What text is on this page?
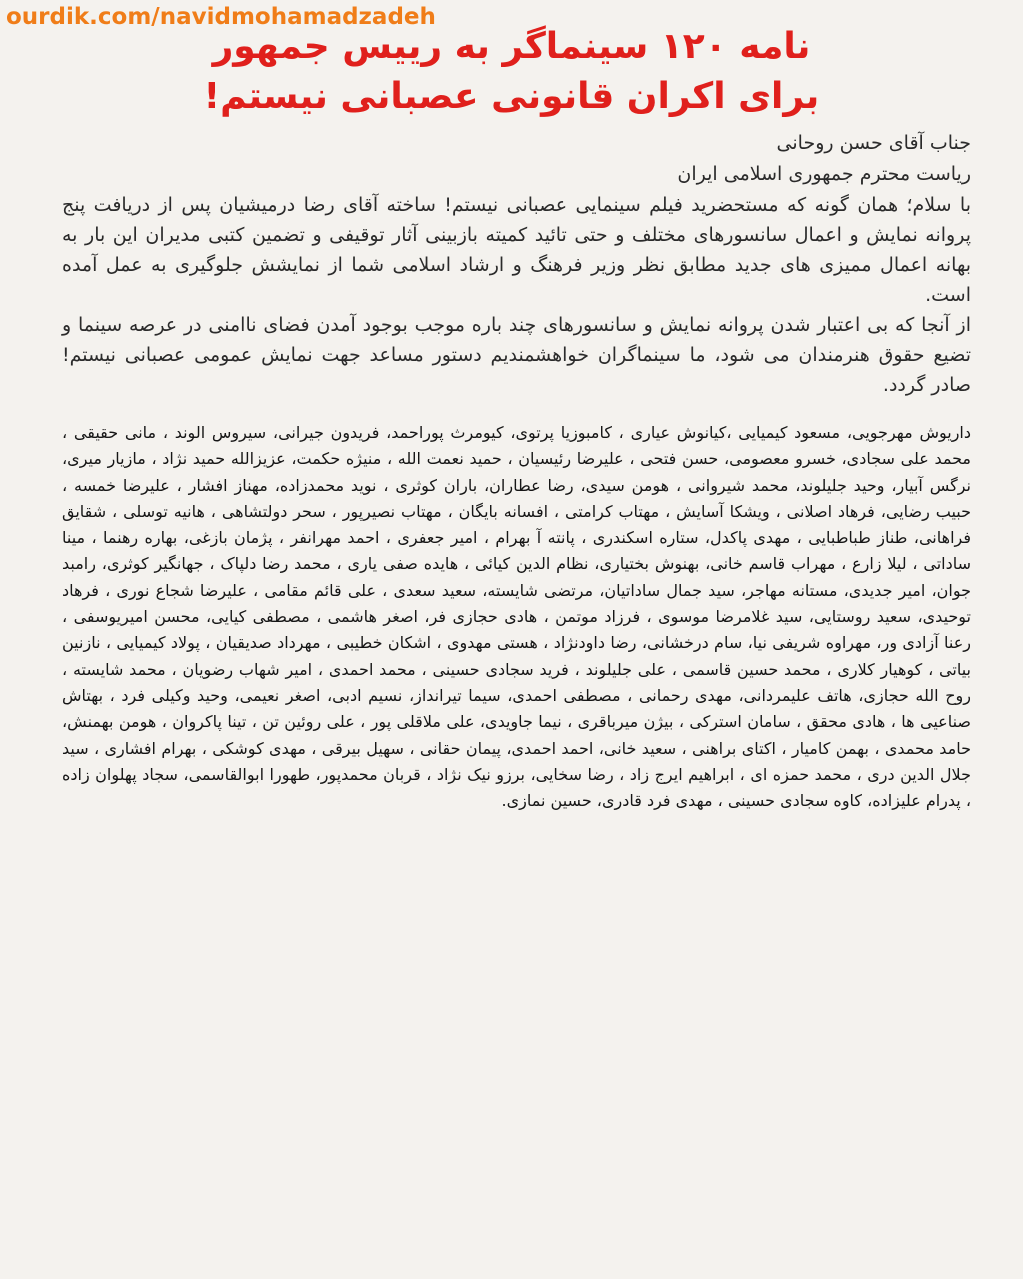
ourdik.com/navidmohamadzadeh
نامه ۱۲۰ سینماگر به رییس جمهور
برای اکران قانونی عصبانی نیستم!

جناب آقای حسن روحانی

ریاست محترم جمهوری اسلامی ایران

با سلام؛ همان گونه که مستحضرید فیلم سینمایی عصبانی نیستم! ساخته آقای رضا درمیشیان پس از دریافت پنج پروانه نمایش و اعمال سانسورهای مختلف و حتی تائید کمیته بازبینی آثار توقیفی و تضمین کتبی مدیران این بار به بهانه اعمال ممیزی های جدید مطابق نظر وزیر فرهنگ و ارشاد اسلامی شما از نمایشش جلوگیری به عمل آمده است.

از آنجا که بی اعتبار شدن پروانه نمایش و سانسورهای چند باره موجب بوجود آمدن فضای ناامنی در عرصه سینما و تضیع حقوق هنرمندان می شود، ما سینماگران خواهشمندیم دستور مساعد جهت نمایش عمومی عصبانی نیستم! صادر گردد.

داریوش مهرجویی، مسعود کیمیایی ،کیانوش عیاری ، کامبوزیا پرتوی، کیومرث پوراحمد، فریدون جیرانی، سیروس الوند ، مانی حقیقی ، محمد علی سجادی، خسرو معصومی، حسن فتحی ، علیرضا رئیسیان ، حمید نعمت الله ، منیژه حکمت، عزیزالله حمید نژاد ، مازیار میری، نرگس آبیار، وحید جلیلوند، محمد شیروانی ، هومن سیدی، رضا عطاران، باران کوثری ، نوید محمدزاده، مهناز افشار ، علیرضا خمسه ، حبیب رضایی، فرهاد اصلانی ، ویشکا آسایش ، مهتاب کرامتی ، افسانه بایگان ، مهتاب نصیرپور ، سحر دولتشاهی ، هانیه توسلی ، شقایق فراهانی، طناز طباطبایی ، مهدی پاکدل، ستاره اسکندری ، پانته آ بهرام ، امیر جعفری ، احمد مهرانفر ، پژمان بازغی، بهاره رهنما ، مینا ساداتی ، لیلا زارع ، مهراب قاسم خانی، بهنوش بختیاری، نظام الدین کیائی ، هایده صفی یاری ، محمد رضا دلپاک ، جهانگیر کوثری، رامبد جوان، امیر جدیدی، مستانه مهاجر، سید جمال ساداتیان، مرتضی شایسته، سعید سعدی ، علی قائم مقامی ، علیرضا شجاع نوری ، فرهاد توحیدی، سعید روستایی، سید غلامرضا موسوی ، فرزاد موتمن ، هادی حجازی فر، اصغر هاشمی ، مصطفی کیایی، محسن امیریوسفی ، رعنا آزادی ور، مهراوه شریفی نیا، سام درخشانی، رضا داودنژاد ، هستی مهدوی ، اشکان خطیبی ، مهرداد صدیقیان ، پولاد کیمیایی ، نازنین بیاتی ، کوهیار کلاری ، محمد حسین قاسمی ، علی جلیلوند ، فرید سجادی حسینی ، محمد احمدی ، امیر شهاب رضویان ، محمد شایسته ، روح الله حجازی، هاتف علیمردانی، مهدی رحمانی ، مصطفی احمدی، سیما تیرانداز، نسیم ادبی، اصغر نعیمی، وحید وکیلی فرد ، بهتاش صناعیی ها ، هادی محقق ، سامان استرکی ، بیژن میرباقری ، نیما جاویدی، علی ملاقلی پور ، علی روئین تن ، تینا پاکروان ، هومن بهمنش، حامد محمدی ، بهمن کامیار ، اکتای براهنی ، سعید خانی، احمد احمدی، پیمان حقانی ، سهیل بیرقی ، مهدی کوشکی ، بهرام افشاری ، سید جلال الدین دری ، محمد حمزه ای ، ابراهیم ایرج زاد ، رضا سخایی، برزو نیک نژاد ، قربان محمدپور، طهورا ابوالقاسمی، سجاد پهلوان زاده ، پدرام علیزاده، کاوه سجادی حسینی ، مهدی فرد قادری، حسین نمازی.
